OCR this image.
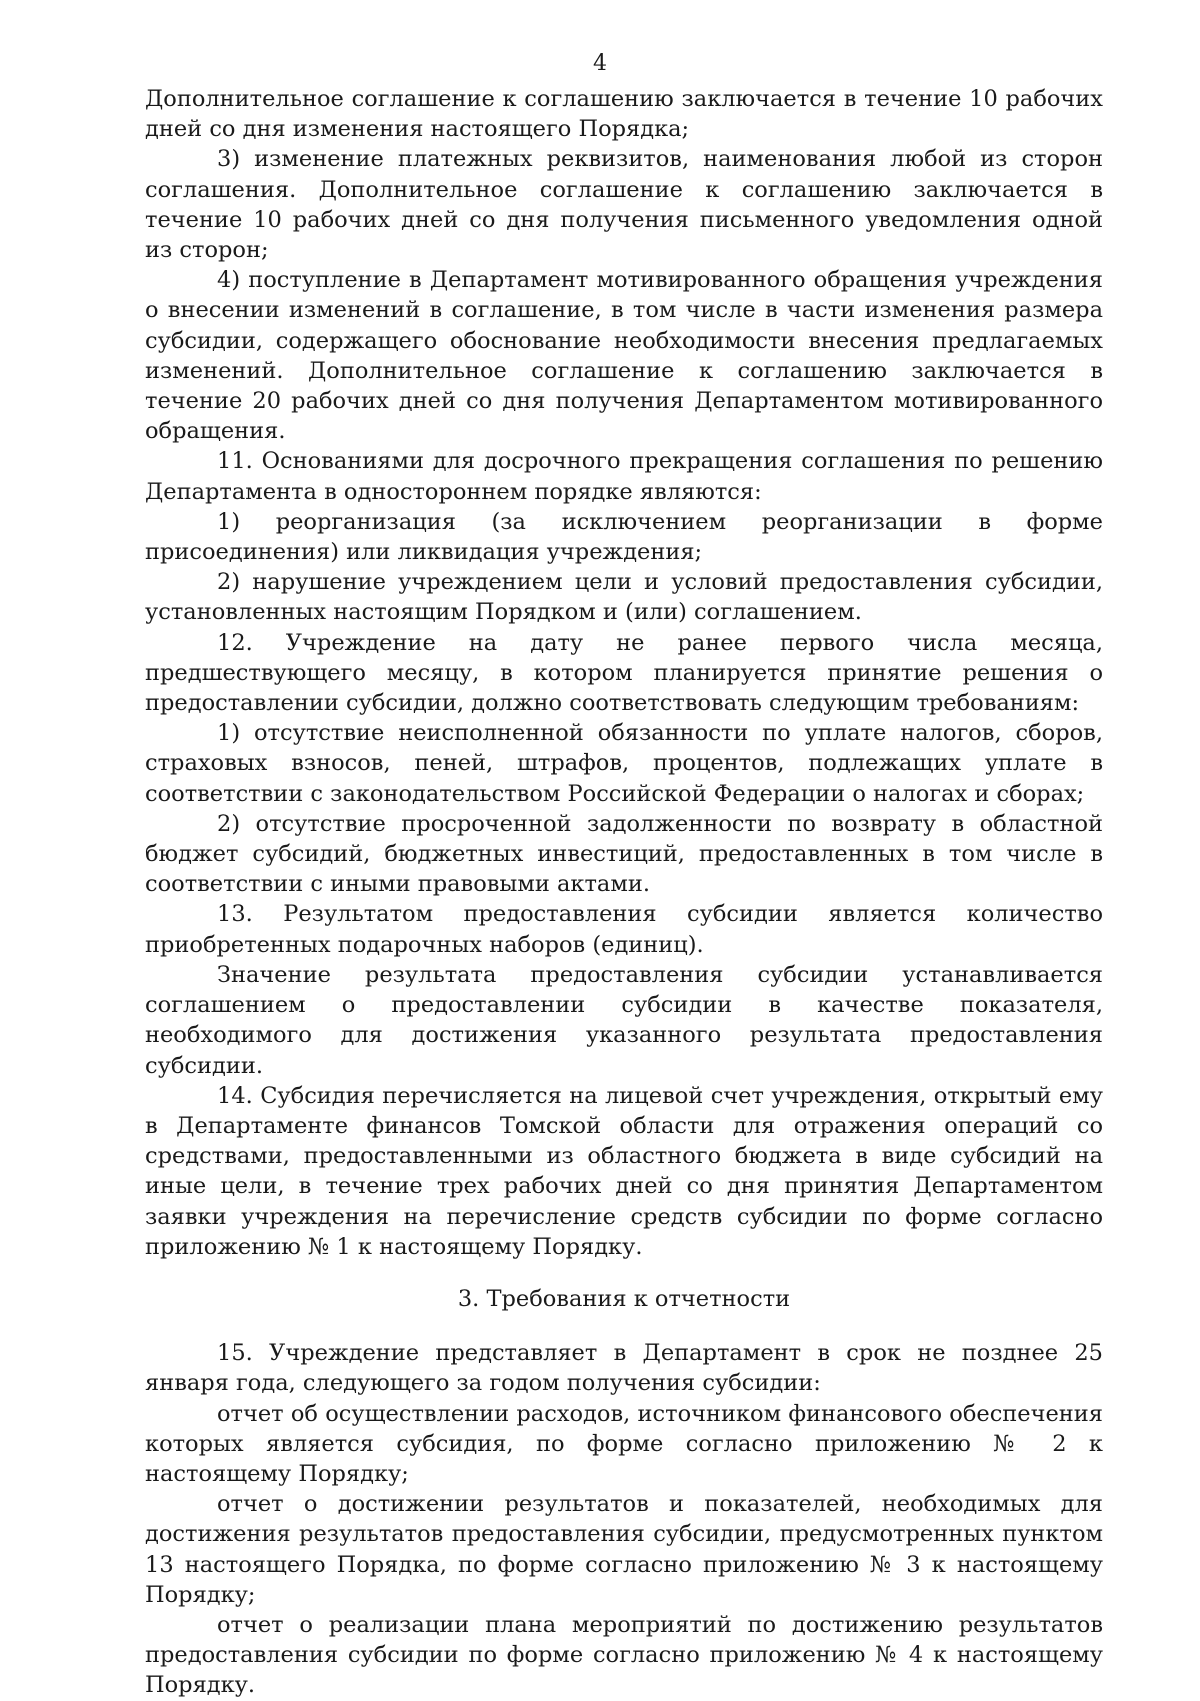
4

Дополнительное соглашение к соглашению заключается в течение 10 рабочих дней со дня изменения настоящего Порядка;

3) изменение платежных реквизитов, наименования любой из сторон соглашения. Дополнительное соглашение к соглашению заключается в течение 10 рабочих дней со дня получения письменного уведомления одной из сторон;

4) поступление в Департамент мотивированного обращения учреждения о внесении изменений в соглашение, в том числе в части изменения размера субсидии, содержащего обоснование необходимости внесения предлагаемых изменений. Дополнительное соглашение к соглашению заключается в течение 20 рабочих дней со дня получения Департаментом мотивированного обращения.

11. Основаниями для досрочного прекращения соглашения по решению Департамента в одностороннем порядке являются:

1) реорганизация (за исключением реорганизации в форме присоединения) или ликвидация учреждения;

2) нарушение учреждением цели и условий предоставления субсидии, установленных настоящим Порядком и (или) соглашением.

12. Учреждение на дату не ранее первого числа месяца, предшествующего месяцу, в котором планируется принятие решения о предоставлении субсидии, должно соответствовать следующим требованиям:

1) отсутствие неисполненной обязанности по уплате налогов, сборов, страховых взносов, пеней, штрафов, процентов, подлежащих уплате в соответствии с законодательством Российской Федерации о налогах и сборах;

2) отсутствие просроченной задолженности по возврату в областной бюджет субсидий, бюджетных инвестиций, предоставленных в том числе в соответствии с иными правовыми актами.

13. Результатом предоставления субсидии является количество приобретенных подарочных наборов (единиц).

Значение результата предоставления субсидии устанавливается соглашением о предоставлении субсидии в качестве показателя, необходимого для достижения указанного результата предоставления субсидии.

14. Субсидия перечисляется на лицевой счет учреждения, открытый ему в Департаменте финансов Томской области для отражения операций со средствами, предоставленными из областного бюджета в виде субсидий на иные цели, в течение трех рабочих дней со дня принятия Департаментом заявки учреждения на перечисление средств субсидии по форме согласно приложению № 1 к настоящему Порядку.

3. Требования к отчетности

15. Учреждение представляет в Департамент в срок не позднее 25 января года, следующего за годом получения субсидии:

отчет об осуществлении расходов, источником финансового обеспечения которых является субсидия, по форме согласно приложению № 2 к настоящему Порядку;

отчет о достижении результатов и показателей, необходимых для достижения результатов предоставления субсидии, предусмотренных пунктом 13 настоящего Порядка, по форме согласно приложению № 3 к настоящему Порядку;

отчет о реализации плана мероприятий по достижению результатов предоставления субсидии по форме согласно приложению № 4 к настоящему Порядку.
